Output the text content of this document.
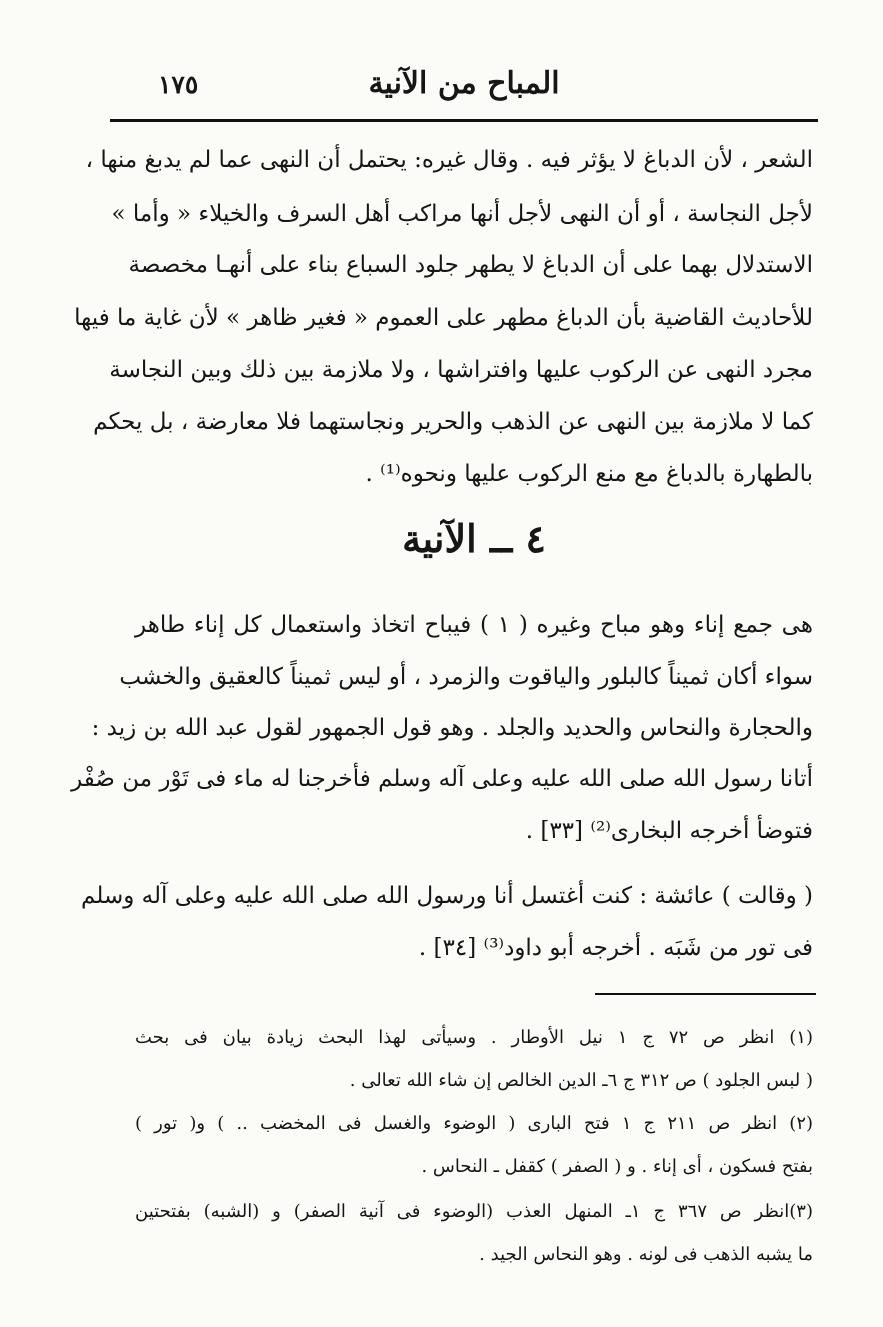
المباح من الآنية
١٧٥
الشعر ، لأن الدباغ لا يؤثر فيه . وقال غيره: يحتمل أن النهى عما لم يدبغ منها ،
لأجل النجاسة ، أو أن النهى لأجل أنها مراكب أهل السرف والخيلاء « وأما »
الاستدلال بهما على أن الدباغ لا يطهر جلود السباع بناء على أنهـا مخصصة
للأحاديث القاضية بأن الدباغ مطهر على العموم « فغير ظاهر » لأن غاية ما فيها
مجرد النهى عن الركوب عليها وافتراشها ، ولا ملازمة بين ذلك وبين النجاسة
كما لا ملازمة بين النهى عن الذهب والحرير ونجاستهما فلا معارضة ، بل يحكم
بالطهارة بالدباغ مع منع الركوب عليها ونحوه⁽¹⁾ .
٤ ــ الآنية
هى جمع إناء وهو مباح وغيره ( ١ ) فيباح اتخاذ واستعمال كل إناء طاهر
سواء أكان ثميناً كالبلور والياقوت والزمرد ، أو ليس ثميناً كالعقيق والخشب
والحجارة والنحاس والحديد والجلد . وهو قول الجمهور لقول عبد الله بن زيد :
أتانا رسول الله صلى الله عليه وعلى آله وسلم فأخرجنا له ماء فى تَوْر من صُفْر
فتوضأ أخرجه البخارى⁽²⁾ [٣٣] .
( وقالت ) عائشة : كنت أغتسل أنا ورسول الله صلى الله عليه وعلى آله وسلم
فى تور من شَبَه . أخرجه أبو داود⁽³⁾ [٣٤] .
(١) انظر ص ٧٢ ج ١ نيل الأوطار . وسيأتى لهذا البحث زيادة بيان فى بحث
( لبس الجلود ) ص ٣١٢ ج ٦ـ الدين الخالص إن شاء الله تعالى .
(٢) انظر ص ٢١١ ج ١ فتح البارى ( الوضوء والغسل فى المخضب .. ) و( تور )
بفتح فسكون ، أى إناء . و ( الصفر ) كقفل ـ النحاس .
(٣)انظر ص ٣٦٧ ج ١ـ المنهل العذب (الوضوء فى آنية الصفر) و (الشبه) بفتحتين
ما يشبه الذهب فى لونه . وهو النحاس الجيد .
